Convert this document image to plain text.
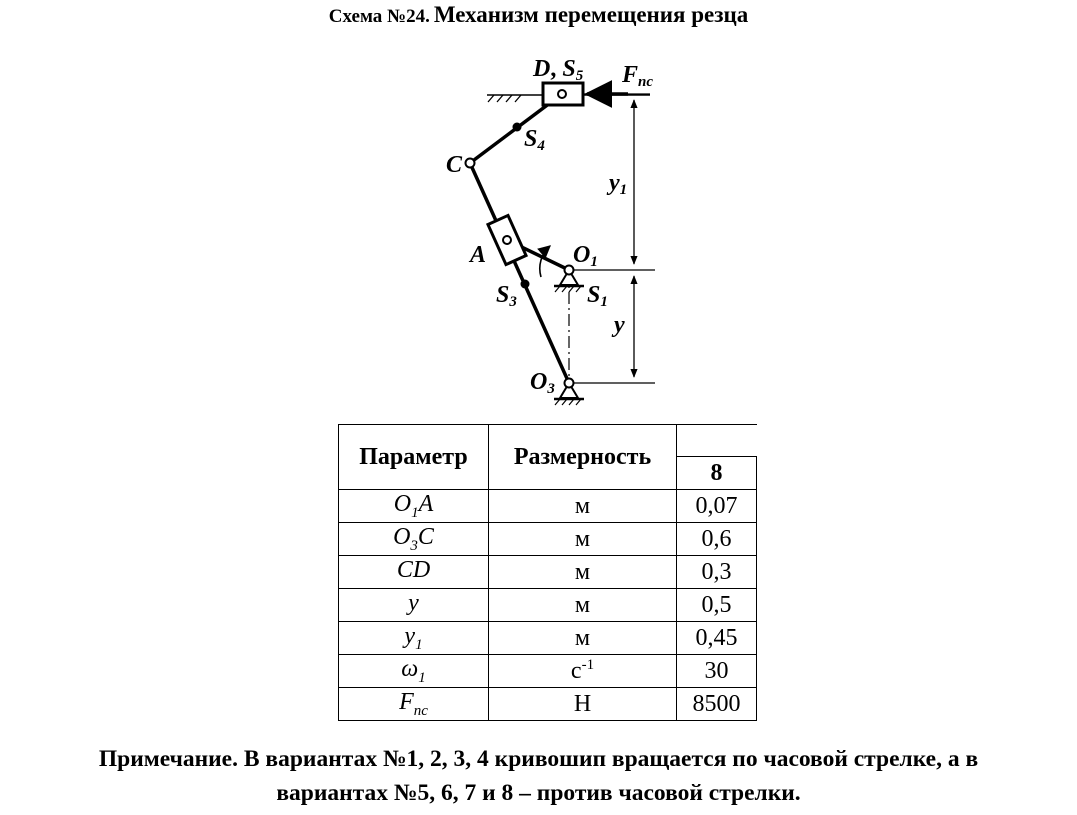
Схема №24. Механизм перемещения резца
D, S5 Fпс
C
S4
y1
A	O1
S1
S3
y
O3
Параметр	Размерность	
		8
$O_1A$	м	0,07
$O_3C$	м	0,6
CD	м	0,3
y	м	0,5
$y_1$	м	0,45
$\omega_1$	$с^{-1}$	30
$F_{пс}$	Н	8500
Примечание. В вариантах №1, 2, 3, 4 кривошип вращается по часовой стрелке, а в
вариантах №5, 6, 7 и 8 – против часовой стрелки.
